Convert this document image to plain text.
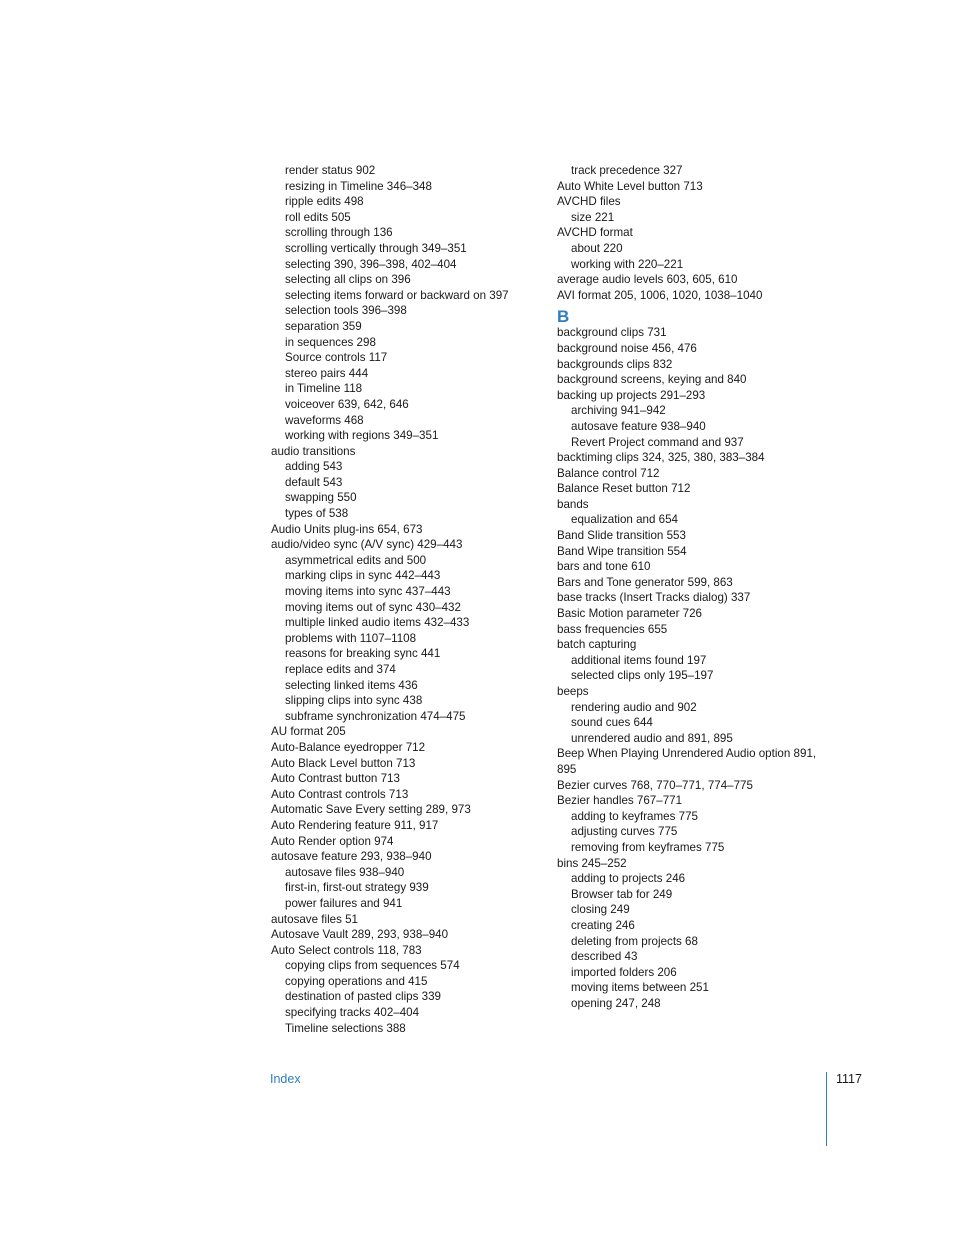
render status 902
resizing in Timeline 346–348
ripple edits 498
roll edits 505
scrolling through 136
scrolling vertically through 349–351
selecting 390, 396–398, 402–404
selecting all clips on 396
selecting items forward or backward on 397
selection tools 396–398
separation 359
in sequences 298
Source controls 117
stereo pairs 444
in Timeline 118
voiceover 639, 642, 646
waveforms 468
working with regions 349–351
audio transitions
adding 543
default 543
swapping 550
types of 538
Audio Units plug-ins 654, 673
audio/video sync (A/V sync) 429–443
asymmetrical edits and 500
marking clips in sync 442–443
moving items into sync 437–443
moving items out of sync 430–432
multiple linked audio items 432–433
problems with 1107–1108
reasons for breaking sync 441
replace edits and 374
selecting linked items 436
slipping clips into sync 438
subframe synchronization 474–475
AU format 205
Auto-Balance eyedropper 712
Auto Black Level button 713
Auto Contrast button 713
Auto Contrast controls 713
Automatic Save Every setting 289, 973
Auto Rendering feature 911, 917
Auto Render option 974
autosave feature 293, 938–940
autosave files 938–940
first-in, first-out strategy 939
power failures and 941
autosave files 51
Autosave Vault 289, 293, 938–940
Auto Select controls 118, 783
copying clips from sequences 574
copying operations and 415
destination of pasted clips 339
specifying tracks 402–404
Timeline selections 388
track precedence 327
Auto White Level button 713
AVCHD files
size 221
AVCHD format
about 220
working with 220–221
average audio levels 603, 605, 610
AVI format 205, 1006, 1020, 1038–1040
B
background clips 731
background noise 456, 476
backgrounds clips 832
background screens, keying and 840
backing up projects 291–293
archiving 941–942
autosave feature 938–940
Revert Project command and 937
backtiming clips 324, 325, 380, 383–384
Balance control 712
Balance Reset button 712
bands
equalization and 654
Band Slide transition 553
Band Wipe transition 554
bars and tone 610
Bars and Tone generator 599, 863
base tracks (Insert Tracks dialog) 337
Basic Motion parameter 726
bass frequencies 655
batch capturing
additional items found 197
selected clips only 195–197
beeps
rendering audio and 902
sound cues 644
unrendered audio and 891, 895
Beep When Playing Unrendered Audio option 891, 895
Bezier curves 768, 770–771, 774–775
Bezier handles 767–771
adding to keyframes 775
adjusting curves 775
removing from keyframes 775
bins 245–252
adding to projects 246
Browser tab for 249
closing 249
creating 246
deleting from projects 68
described 43
imported folders 206
moving items between 251
opening 247, 248
Index	1117
